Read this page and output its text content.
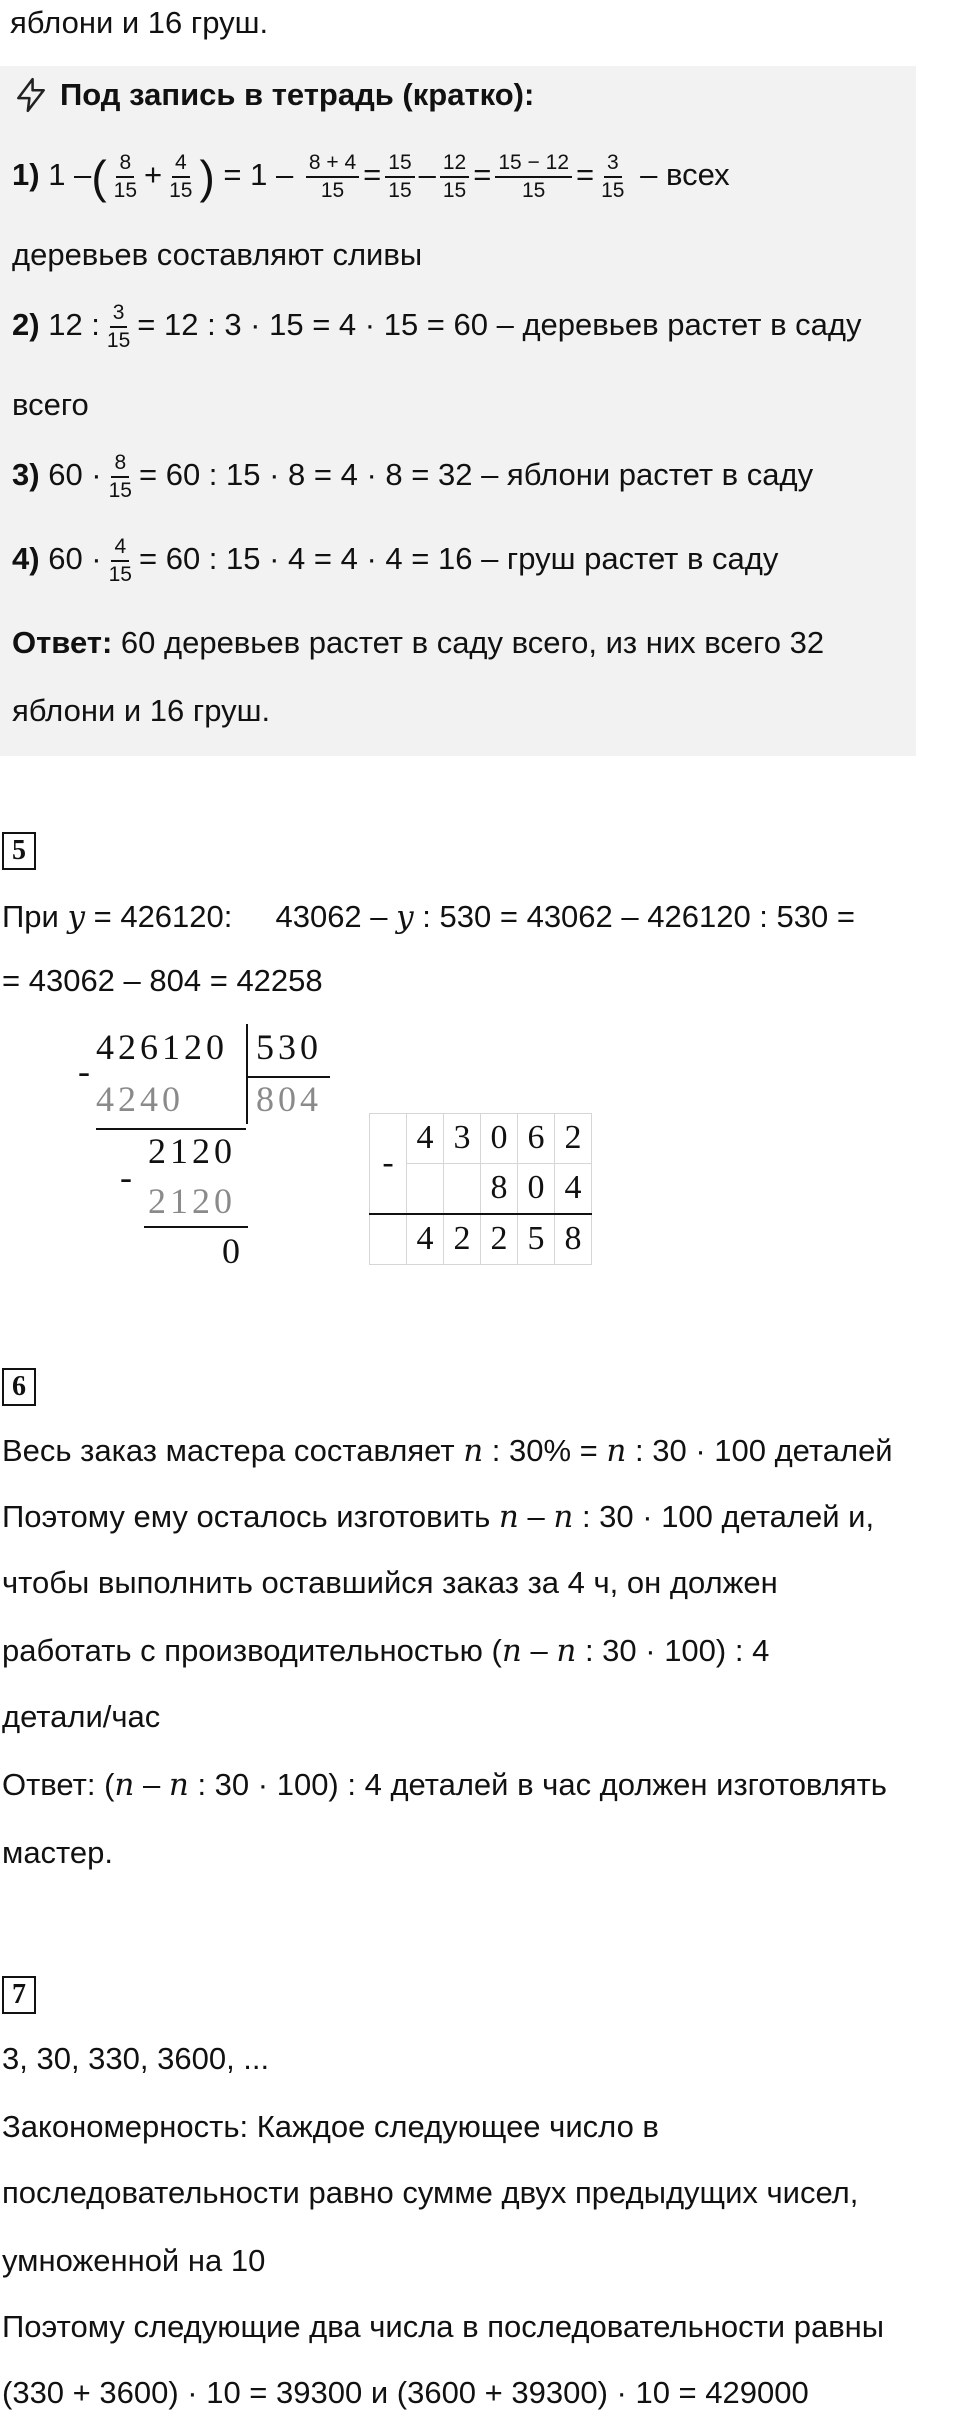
яблони и 16 груш.
Под запись в тетрадь (кратко):
1) 1 –( $\frac{8}{15} + \frac{4}{15}$ ) = $1 - \frac{8 + 4}{15} = \frac{15}{15} - \frac{12}{15} = \frac{15 - 12}{15} = \frac{3}{15}$ – всех
деревьев составляют сливы
2) 12 : $\frac{3}{15} = 12$ : 3 · 15 = 4 · 15 = 60 – деревьев растет в саду
всего
3) $60 \cdot \frac{8}{15} = 60$ : 15 · 8 = 4 · 8 = 32 – яблони растет в саду
4) $60 \cdot \frac{4}{15} = 60$ : 15 · 4 = 4 · 4 = 16 – груш растет в саду
Ответ: 60 деревьев растет в саду всего, из них всего 32
яблони и 16 груш.
5
При y = 426120: 43062 – y : 530 = 43062 – 426120 : 530 =
= 43062 – 804 = 42258
426120 530
-
4240 804
2120
-
2120
0
-	4	3	0	6	2
			8	0	4
	4	2	2	5	8
6
Весь заказ мастера составляет n : 30% = n : 30 · 100 деталей
Поэтому ему осталось изготовить n – n : 30 · 100 деталей и,
чтобы выполнить оставшийся заказ за 4 ч, он должен
работать с производительностью (n – n : 30 · 100) : 4
детали/час
Ответ: (n – n : 30 · 100) : 4 деталей в час должен изготовлять
мастер.
7
3, 30, 330, 3600, ...
Закономерность: Каждое следующее число в
последовательности равно сумме двух предыдущих чисел,
умноженной на 10
Поэтому следующие два числа в последовательности равны
(330 + 3600) · 10 = 39300 и (3600 + 39300) · 10 = 429000
